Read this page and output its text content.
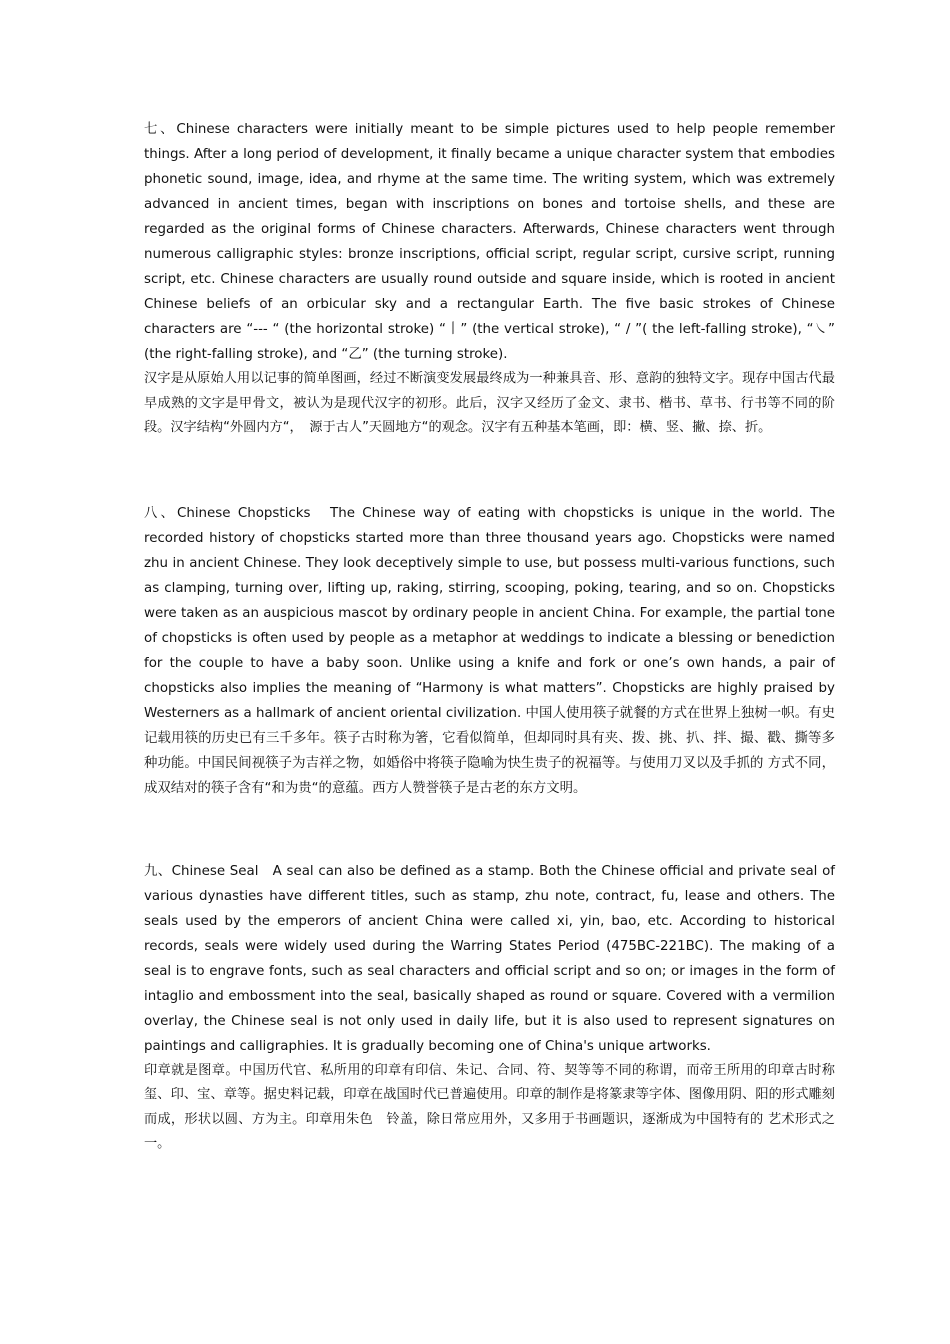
七、Chinese characters were initially meant to be simple pictures used to help people remember things. After a long period of development, it finally became a unique character system that embodies phonetic sound, image, idea, and rhyme at the same time. The writing system, which was extremely advanced in ancient times, began with inscriptions on bones and tortoise shells, and these are regarded as the original forms of Chinese characters. Afterwards, Chinese characters went through numerous calligraphic styles: bronze inscriptions, official script, regular script, cursive script, running script, etc. Chinese characters are usually round outside and square inside, which is rooted in ancient Chinese beliefs of an orbicular sky and a rectangular Earth. The five basic strokes of Chinese characters are “--- “ (the horizontal stroke) “丨” (the vertical stroke), “ / ”( the left-falling stroke), “㇏” (the right-falling stroke), and “乙” (the turning stroke).

汉字是从原始人用以记事的简单图画，经过不断演变发展最终成为一种兼具音、形、意韵的独特文字。现存中国古代最早成熟的文字是甲骨文，被认为是现代汉字的初形。此后，汉字又经历了金文、隶书、楷书、草书、行书等不同的阶段。汉字结构“外圆内方“，　源于古人”天圆地方“的观念。汉字有五种基本笔画，即：横、竖、撇、捺、折。

八、Chinese Chopsticks　The Chinese way of eating with chopsticks is unique in the world. The recorded history of chopsticks started more than three thousand years ago. Chopsticks were named zhu in ancient Chinese. They look deceptively simple to use, but possess multi-various functions, such as clamping, turning over, lifting up, raking, stirring, scooping, poking, tearing, and so on. Chopsticks were taken as an auspicious mascot by ordinary people in ancient China. For example, the partial tone of chopsticks is often used by people as a metaphor at weddings to indicate a blessing or benediction for the couple to have a baby soon. Unlike using a knife and fork or one’s own hands, a pair of chopsticks also implies the meaning of “Harmony is what matters”. Chopsticks are highly praised by Westerners as a hallmark of ancient oriental civilization. 中国人使用筷子就餐的方式在世界上独树一帜。有史记载用筷的历史已有三千多年。筷子古时称为箸，它看似简单，但却同时具有夹、拨、挑、扒、拌、撮、戳、撕等多种功能。中国民间视筷子为吉祥之物，如婚俗中将筷子隐喻为快生贵子的祝福等。与使用刀叉以及手抓的 方式不同，成双结对的筷子含有“和为贵“的意蕴。西方人赞誉筷子是古老的东方文明。

九、Chinese Seal　A seal can also be defined as a stamp. Both the Chinese official and private seal of various dynasties have different titles, such as stamp, zhu note, contract, fu, lease and others. The seals used by the emperors of ancient China were called xi, yin, bao, etc. According to historical records, seals were widely used during the Warring States Period (475BC-221BC). The making of a seal is to engrave fonts, such as seal characters and official script and so on; or images in the form of intaglio and embossment into the seal, basically shaped as round or square. Covered with a vermilion overlay, the Chinese seal is not only used in daily life, but it is also used to represent signatures on paintings and calligraphies. It is gradually becoming one of China's unique artworks.

印章就是图章。中国历代官、私所用的印章有印信、朱记、合同、符、契等等不同的称谓，而帝王所用的印章古时称玺、印、宝、章等。据史料记载，印章在战国时代已普遍使用。印章的制作是将篆隶等字体、图像用阴、阳的形式雕刻而成，形状以圆、方为主。印章用朱色　铃盖，除日常应用外，又多用于书画题识，逐渐成为中国特有的 艺术形式之一。
